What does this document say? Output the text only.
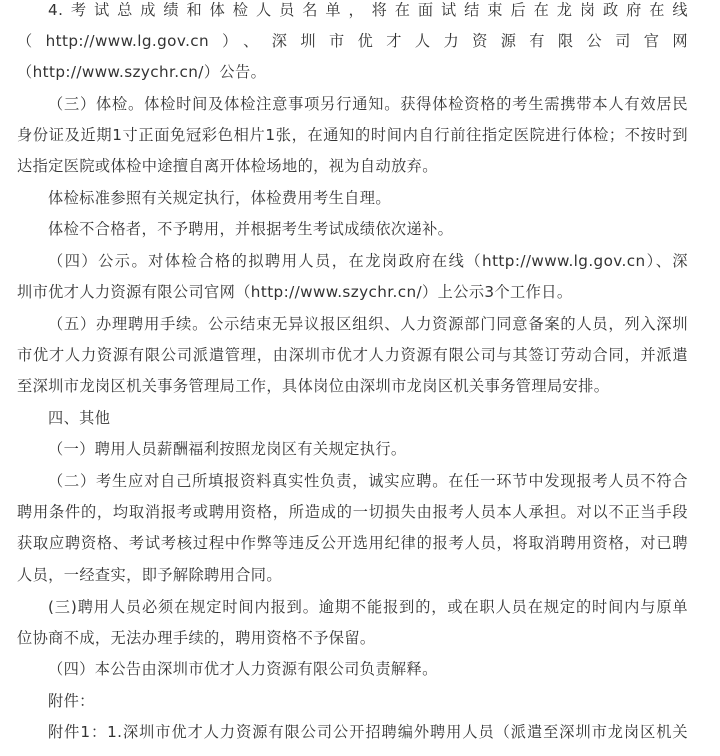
4.考试总成绩和体检人员名单，将在面试结束后在龙岗政府在线
（http://www.lg.gov.cn）、深圳市优才人力资源有限公司官网
（http://www.szychr.cn/）公告。
（三）体检。体检时间及体检注意事项另行通知。获得体检资格的考生需携带本人有效居民
身份证及近期1寸正面免冠彩色相片1张，在通知的时间内自行前往指定医院进行体检；不按时到
达指定医院或体检中途擅自离开体检场地的，视为自动放弃。
体检标准参照有关规定执行，体检费用考生自理。
体检不合格者，不予聘用，并根据考生考试成绩依次递补。
（四）公示。对体检合格的拟聘用人员，在龙岗政府在线（http://www.lg.gov.cn）、深
圳市优才人力资源有限公司官网（http://www.szychr.cn/）上公示3个工作日。
（五）办理聘用手续。公示结束无异议报区组织、人力资源部门同意备案的人员，列入深圳
市优才人力资源有限公司派遣管理，由深圳市优才人力资源有限公司与其签订劳动合同，并派遣
至深圳市龙岗区机关事务管理局工作，具体岗位由深圳市龙岗区机关事务管理局安排。
四、其他
（一）聘用人员薪酬福利按照龙岗区有关规定执行。
（二）考生应对自己所填报资料真实性负责，诚实应聘。在任一环节中发现报考人员不符合
聘用条件的，均取消报考或聘用资格，所造成的一切损失由报考人员本人承担。对以不正当手段
获取应聘资格、考试考核过程中作弊等违反公开选用纪律的报考人员，将取消聘用资格，对已聘
人员，一经查实，即予解除聘用合同。
(三)聘用人员必须在规定时间内报到。逾期不能报到的，或在职人员在规定的时间内与原单
位协商不成，无法办理手续的，聘用资格不予保留。
（四）本公告由深圳市优才人力资源有限公司负责解释。
附件：
附件1：1.深圳市优才人力资源有限公司公开招聘编外聘用人员（派遣至深圳市龙岗区机关
